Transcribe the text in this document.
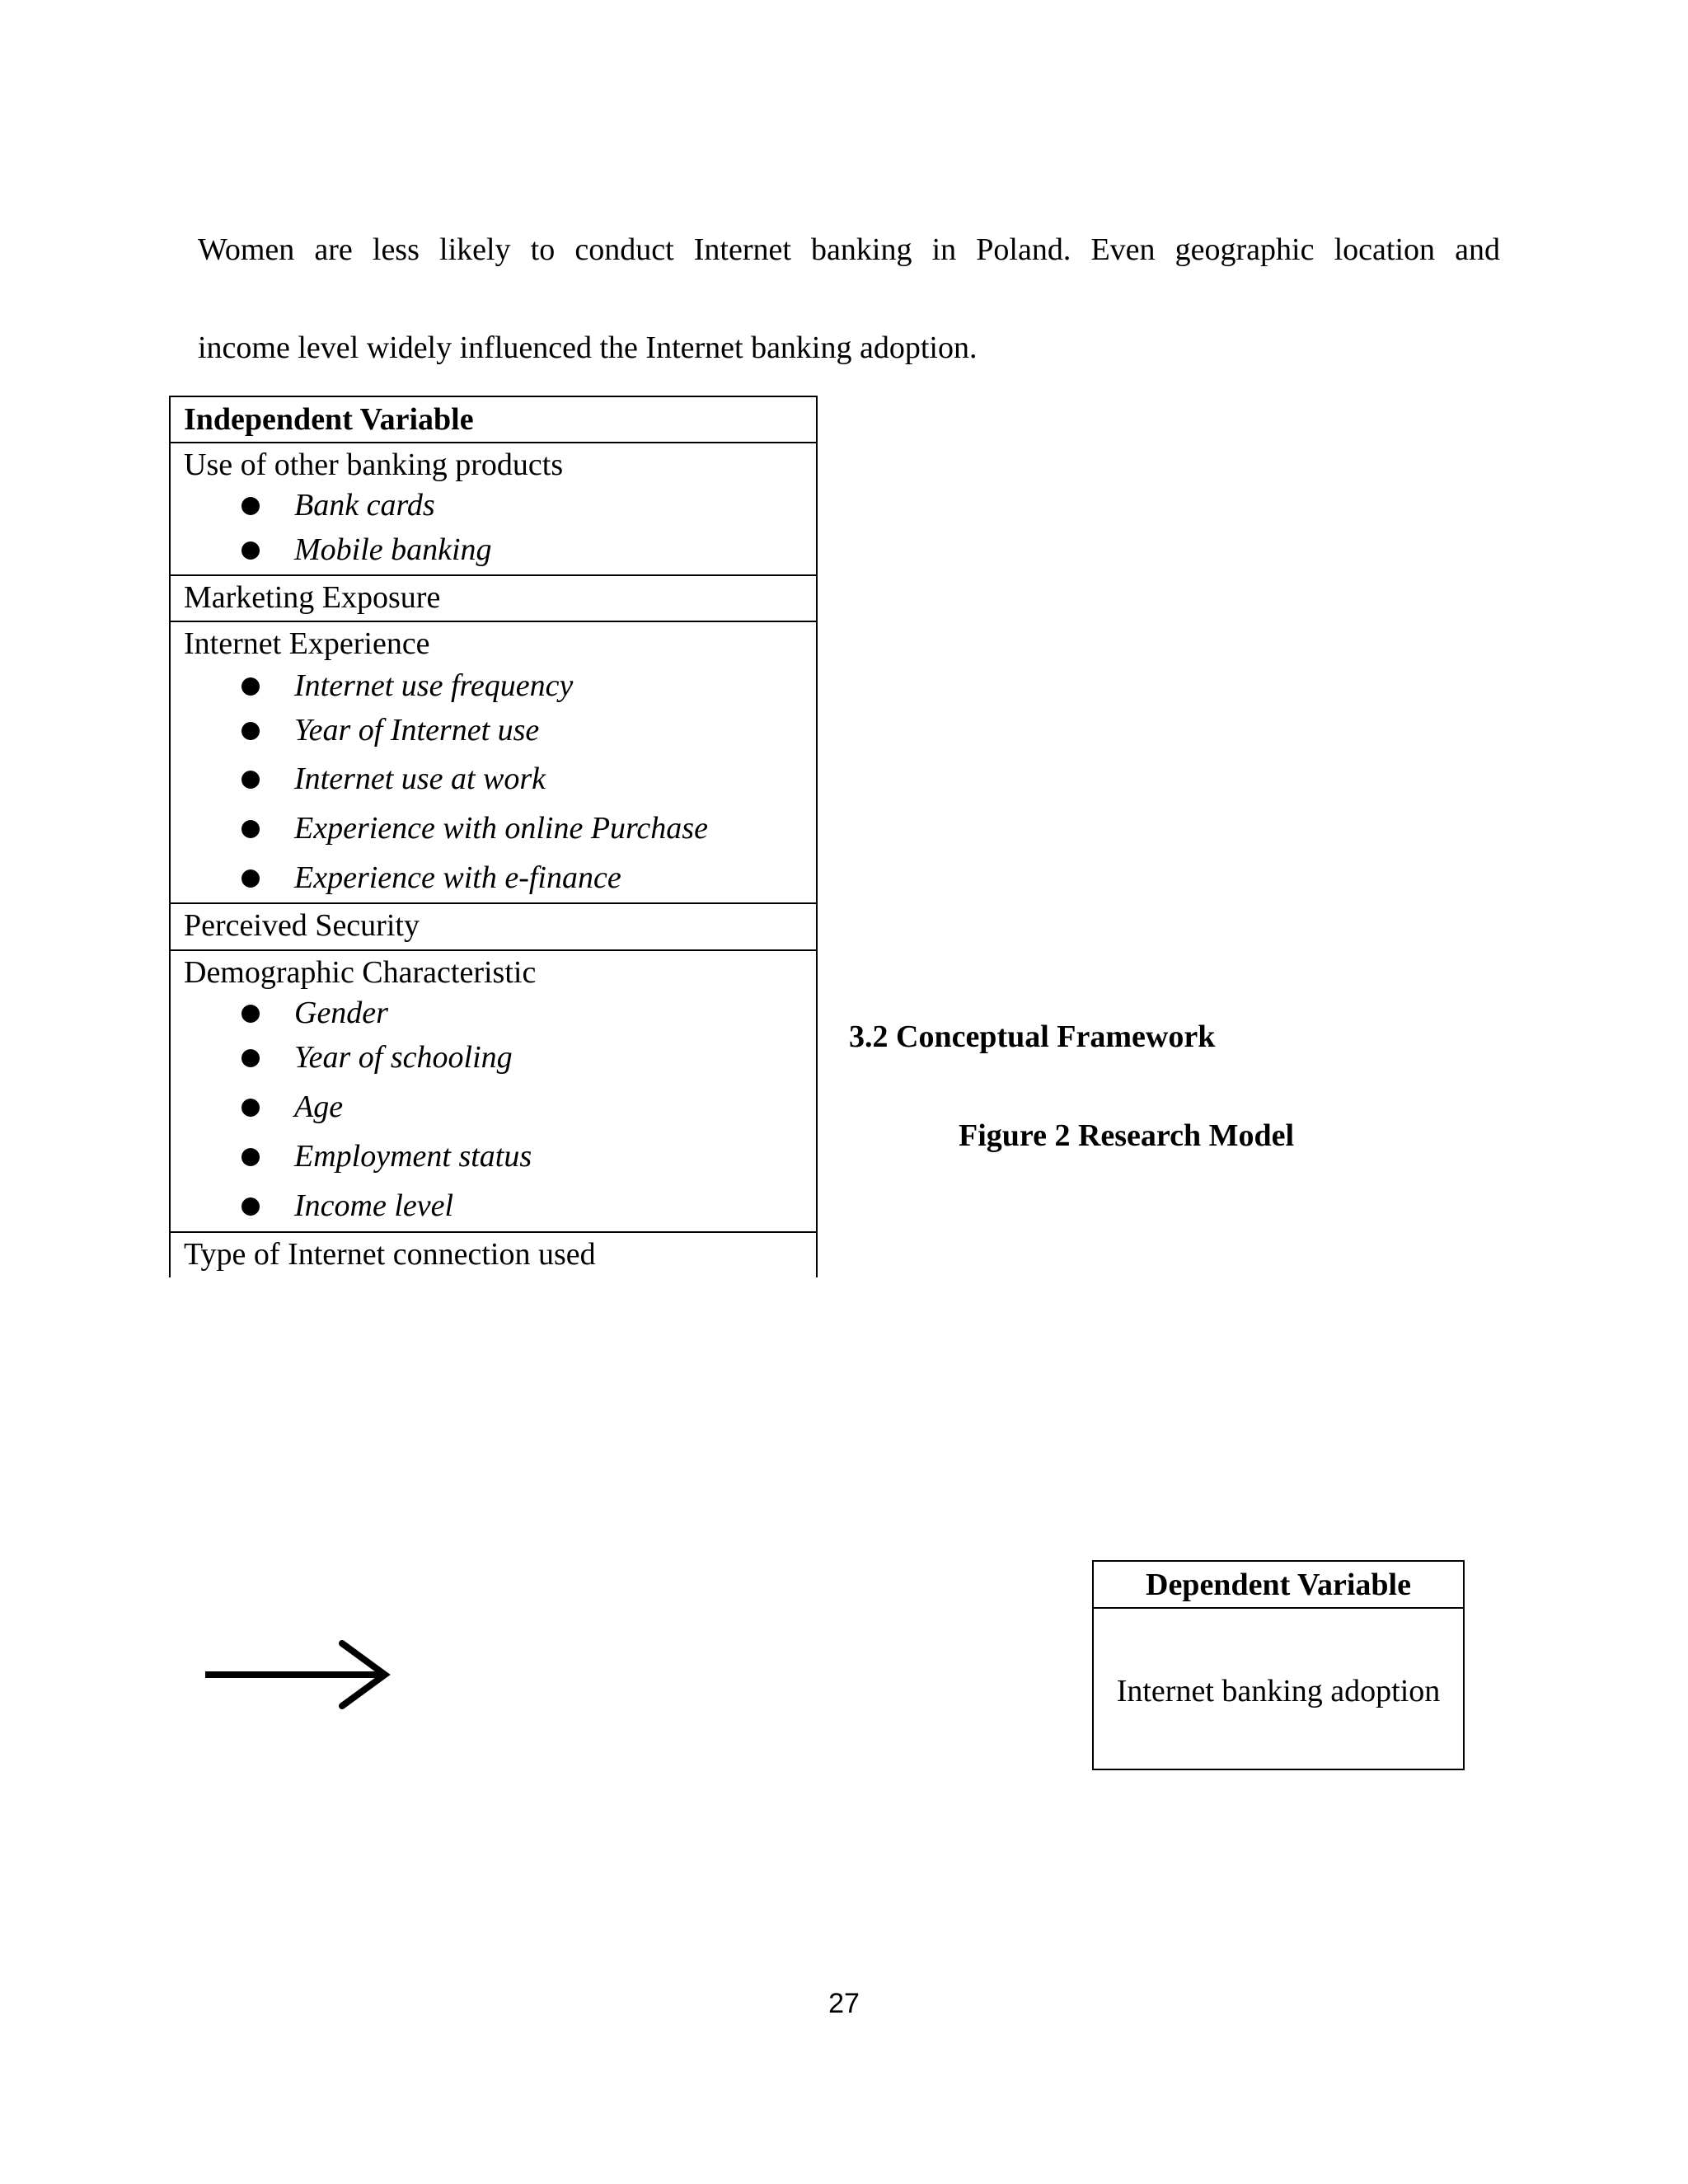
Women are less likely to conduct Internet banking in Poland. Even geographic location and
income level widely influenced the Internet banking adoption.
Independent Variable
Use of other banking products
Bank cards
Mobile banking
Marketing Exposure
Internet Experience
Internet use frequency
Year of Internet use
Internet use at work
Experience with online Purchase
Experience with e-finance
Perceived Security
Demographic Characteristic
Gender
Year of schooling
Age
Employment status
Income level
Type of Internet connection used
3.2 Conceptual Framework
Figure 2 Research Model
Dependent Variable
Internet banking adoption
27
